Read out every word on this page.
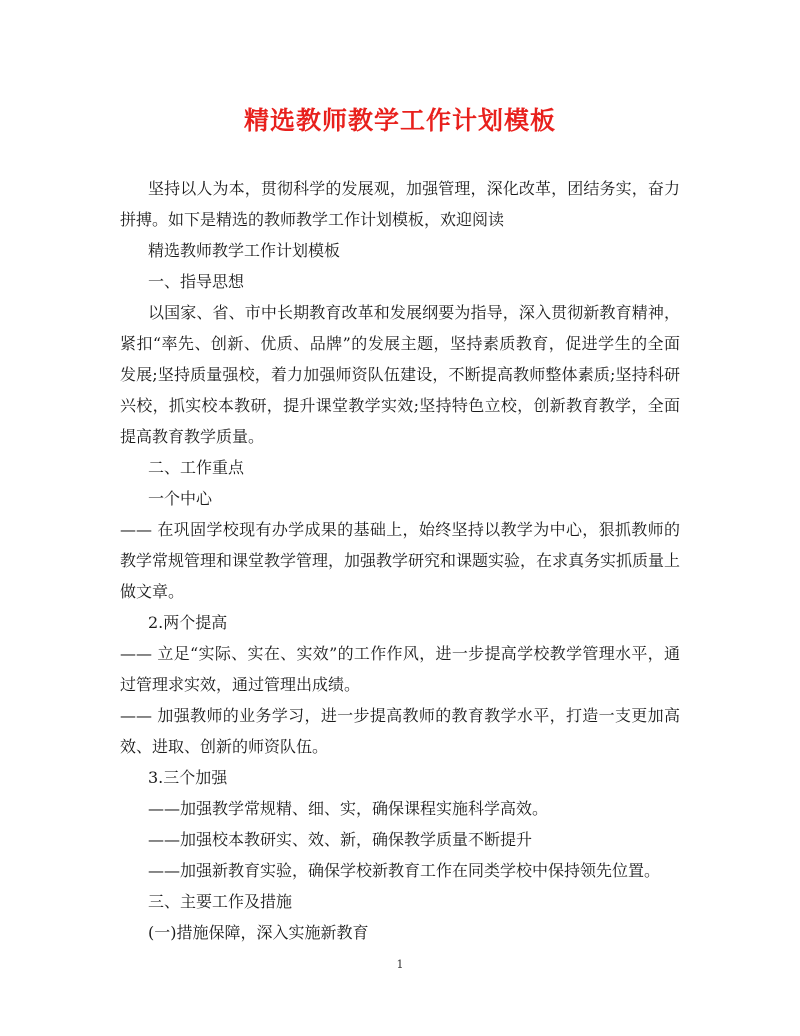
精选教师教学工作计划模板

坚持以人为本，贯彻科学的发展观，加强管理，深化改革，团结务实，奋力拼搏。如下是精选的教师教学工作计划模板，欢迎阅读

精选教师教学工作计划模板

一、指导思想

以国家、省、市中长期教育改革和发展纲要为指导，深入贯彻新教育精神，紧扣“率先、创新、优质、品牌”的发展主题，坚持素质教育，促进学生的全面发展;坚持质量强校，着力加强师资队伍建设，不断提高教师整体素质;坚持科研兴校，抓实校本教研，提升课堂教学实效;坚持特色立校，创新教育教学，全面提高教育教学质量。

二、工作重点

一个中心

—— 在巩固学校现有办学成果的基础上，始终坚持以教学为中心，狠抓教师的教学常规管理和课堂教学管理，加强教学研究和课题实验，在求真务实抓质量上做文章。

2.两个提高

—— 立足“实际、实在、实效”的工作作风，进一步提高学校教学管理水平，通过管理求实效，通过管理出成绩。

—— 加强教师的业务学习，进一步提高教师的教育教学水平，打造一支更加高效、进取、创新的师资队伍。

3.三个加强

——加强教学常规精、细、实，确保课程实施科学高效。

——加强校本教研实、效、新，确保教学质量不断提升

——加强新教育实验，确保学校新教育工作在同类学校中保持领先位置。

三、主要工作及措施

(一)措施保障，深入实施新教育

1
